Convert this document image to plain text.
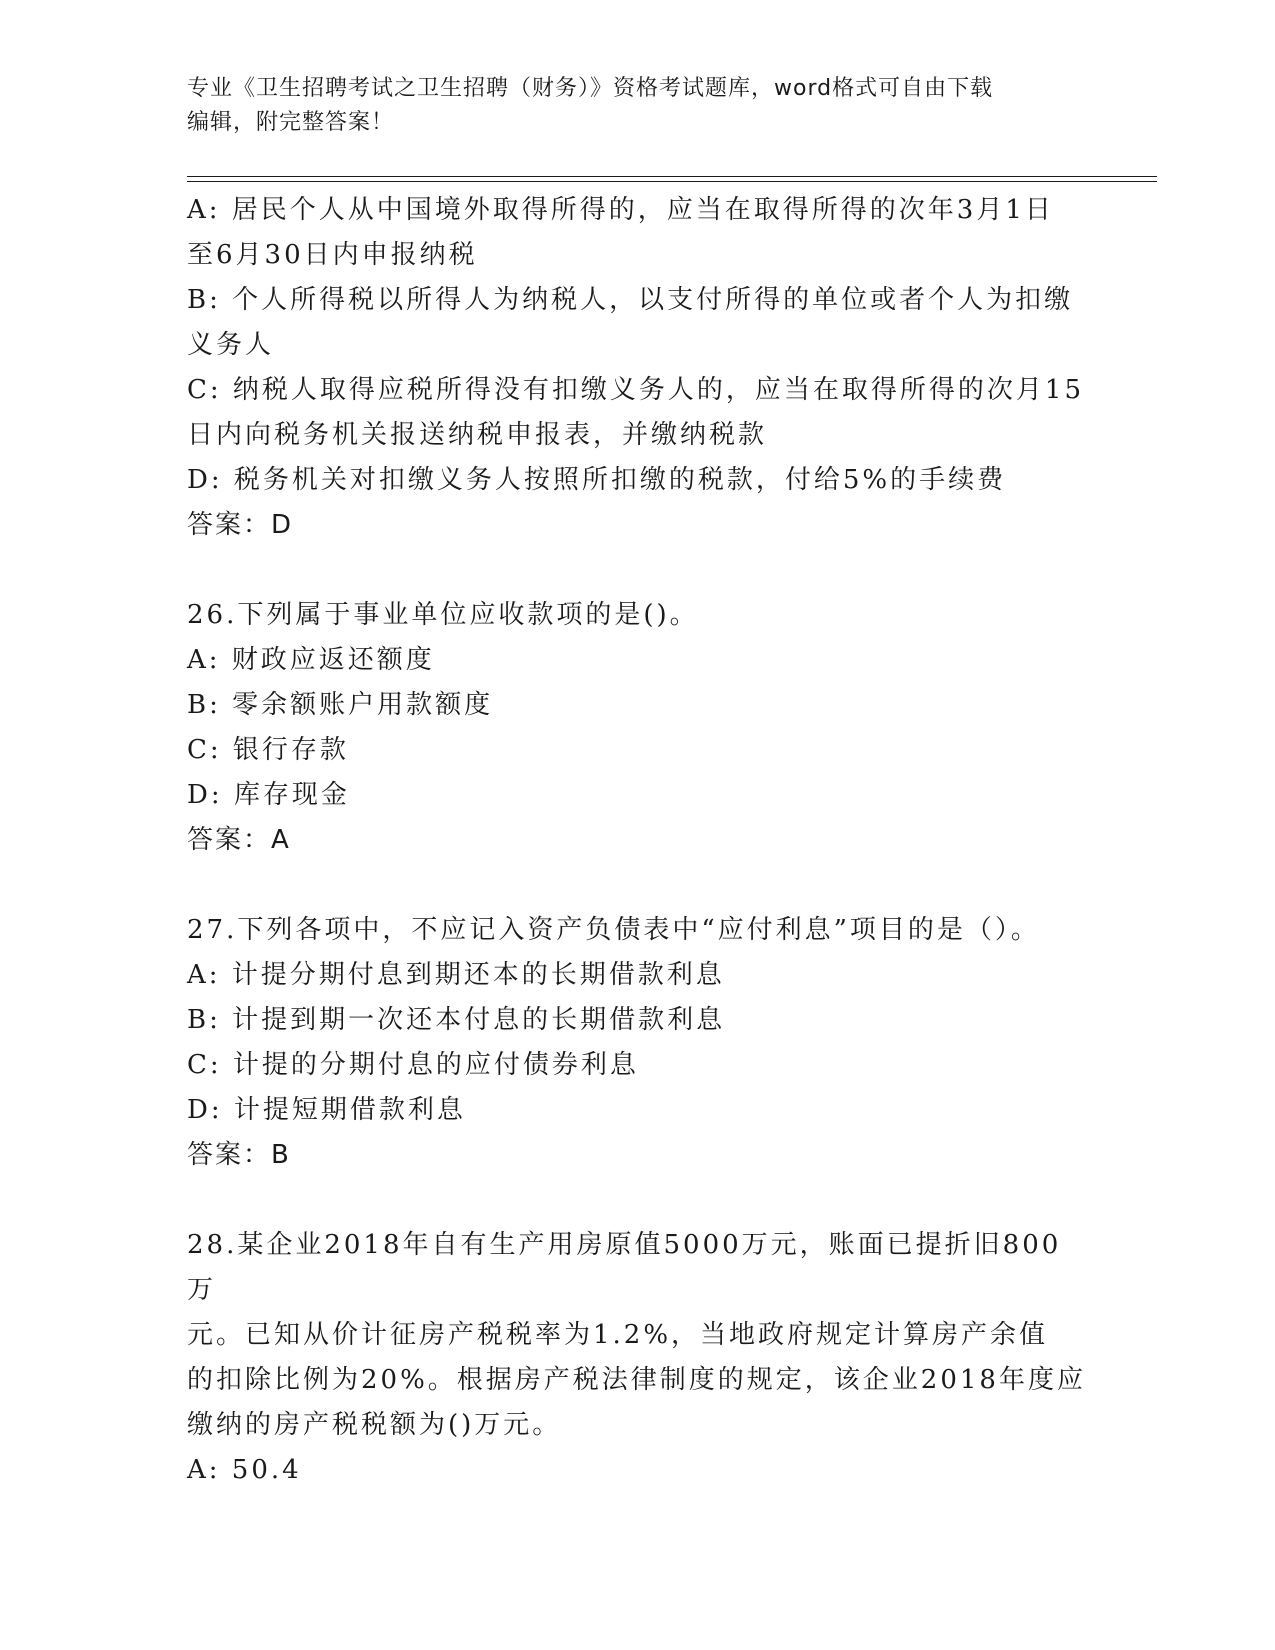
专业《卫生招聘考试之卫生招聘（财务）》资格考试题库，word格式可自由下载
编辑，附完整答案！

A: 居民个人从中国境外取得所得的，应当在取得所得的次年3月1日

至6月30日内申报纳税

B: 个人所得税以所得人为纳税人，以支付所得的单位或者个人为扣缴

义务人

C: 纳税人取得应税所得没有扣缴义务人的，应当在取得所得的次月15

日内向税务机关报送纳税申报表，并缴纳税款

D: 税务机关对扣缴义务人按照所扣缴的税款，付给5%的手续费

答案：D

26.下列属于事业单位应收款项的是()。

A: 财政应返还额度

B: 零余额账户用款额度

C: 银行存款

D: 库存现金

答案：A

27.下列各项中，不应记入资产负债表中“应付利息”项目的是（）。

A: 计提分期付息到期还本的长期借款利息

B: 计提到期一次还本付息的长期借款利息

C: 计提的分期付息的应付债券利息

D: 计提短期借款利息

答案：B

28.某企业2018年自有生产用房原值5000万元，账面已提折旧800万

元。已知从价计征房产税税率为1.2%，当地政府规定计算房产余值

的扣除比例为20%。根据房产税法律制度的规定，该企业2018年度应

缴纳的房产税税额为()万元。

A: 50.4
